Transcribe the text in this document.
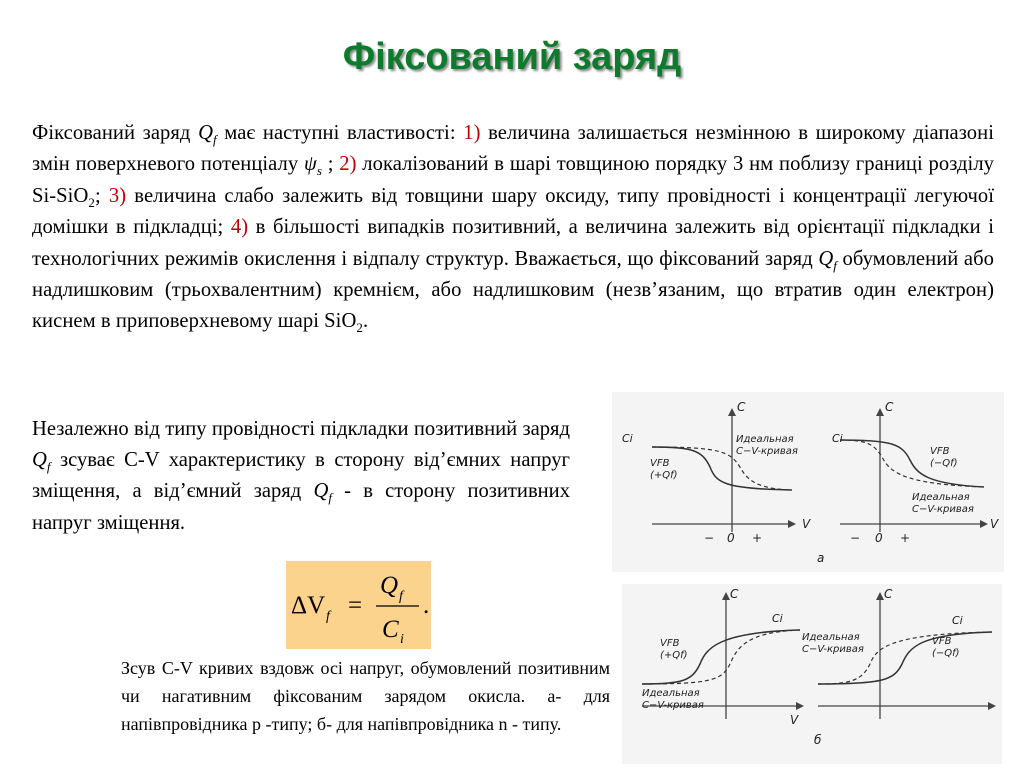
Фіксований заряд
Фіксований заряд $Q_f$ має наступні властивості: 1) величина залишається незмінною в широкому діапазоні змін поверхневого потенціалу $\psi_s$ ; 2) локалізований в шарі товщиною порядку 3 нм поблизу границі розділу Si-SiO$_2$; 3) величина слабо залежить від товщини шару оксиду, типу провідності і концентрації легуючої домішки в підкладці; 4) в більшості випадків позитивний, а величина залежить від орієнтації підкладки і технологічних режимів окислення і відпалу структур. Вважається, що фіксований заряд $Q_f$ обумовлений або надлишковим (трьохвалентним) кремнієм, або надлишковим (незв’язаним, що втратив один електрон) киснем в приповерхневому шарі SiO$_2$.
Незалежно від типу провідності підкладки позитивний заряд $Q_f$ зсуває C-V характеристику в сторону від’ємних напруг зміщення, а від’ємний заряд $Q_f$ - в сторону позитивних напруг зміщення.
ΔV f =
Q f
C i
.
Зсув C-V кривих вздовж осі напруг, обумовлений позитивним чи нагативним фіксованим зарядом окисла. а- для напівпровідника р -типу; б- для напівпровідника n - типу.
C
V
− 0 +
Ci	Идеальная
C−V-кривая
VFB
(+Qf)
C
V
− 0 +
Ci
VFB
(−Qf)
Идеальная
C−V-кривая
a
C
V
Ci
VFB
(+Qf)
Идеальная
C−V-кривая
C
Ci
Идеальная
C−V-кривая
VFB
(−Qf)
б
